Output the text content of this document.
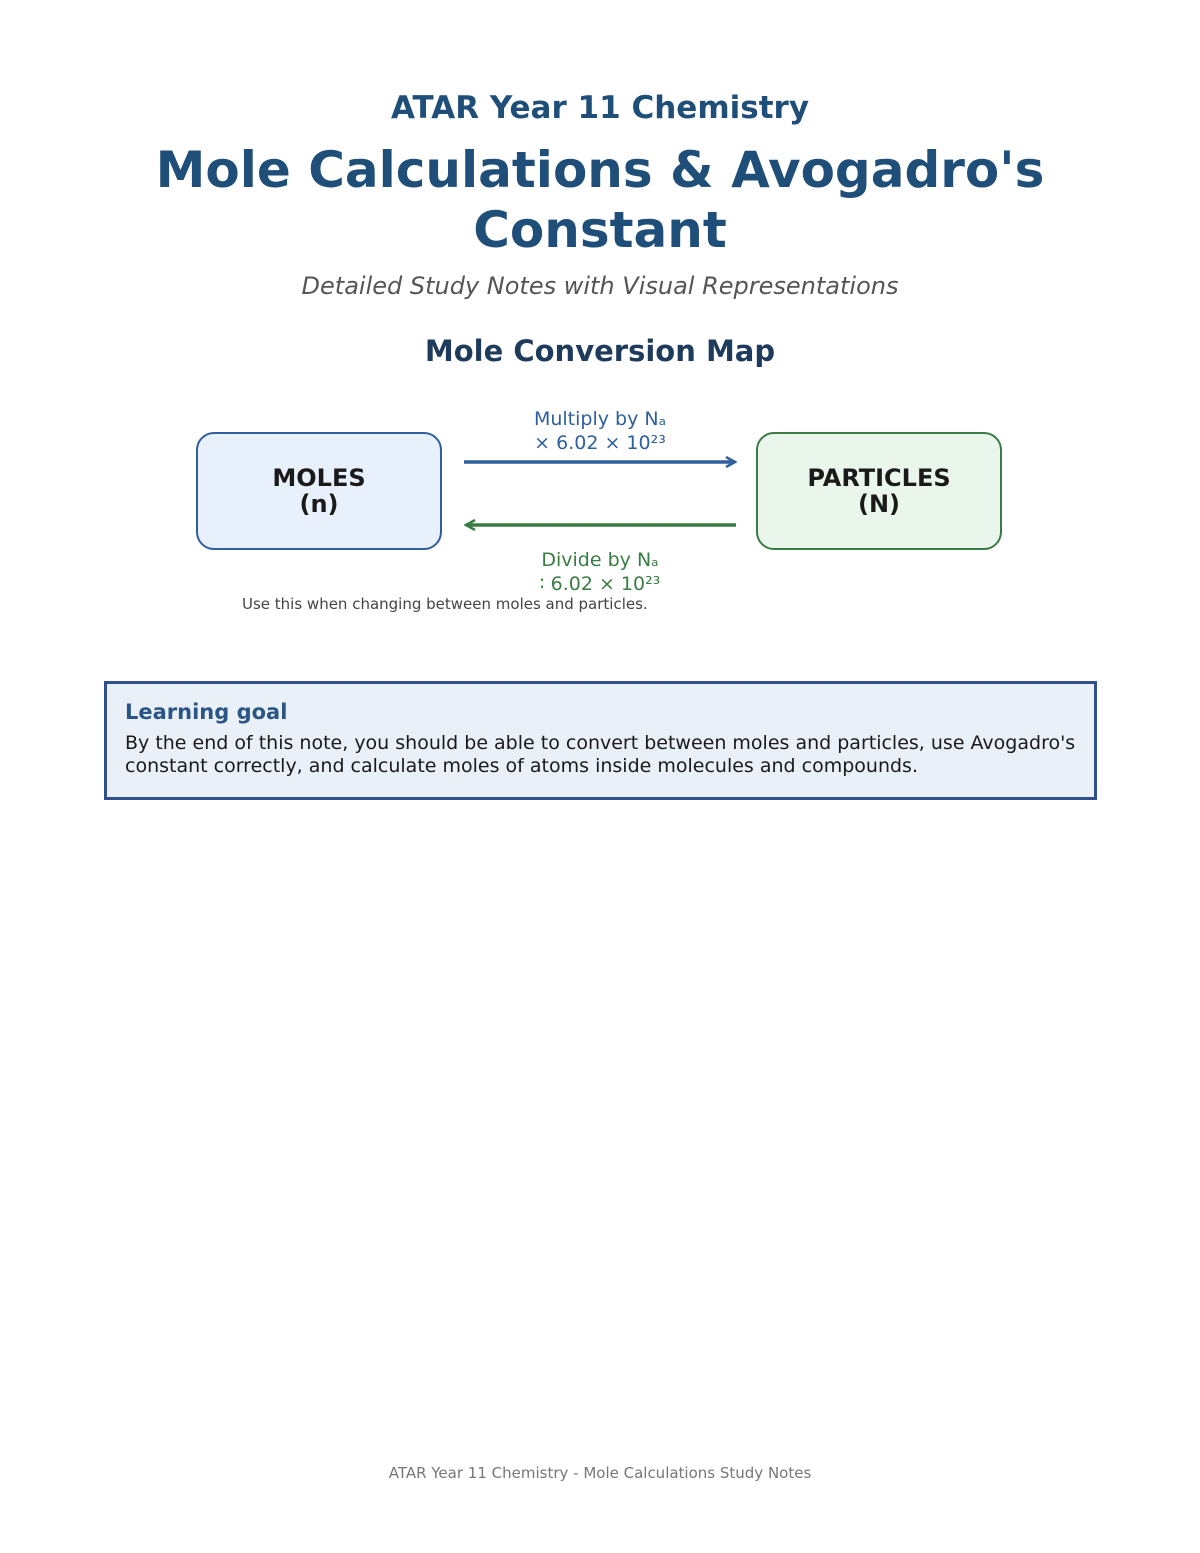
ATAR Year 11 Chemistry
Mole Calculations & Avogadro's Constant
Detailed Study Notes with Visual Representations
Mole Conversion Map
MOLES
(n)
PARTICLES
(N)
Multiply by Nₐ
× 6.02 × 10²³
Divide by Nₐ
∶ 6.02 × 10²³
Use this when changing between moles and particles.
Learning goal
By the end of this note, you should be able to convert between moles and particles, use Avogadro's constant correctly, and calculate moles of atoms inside molecules and compounds.
ATAR Year 11 Chemistry - Mole Calculations Study Notes
